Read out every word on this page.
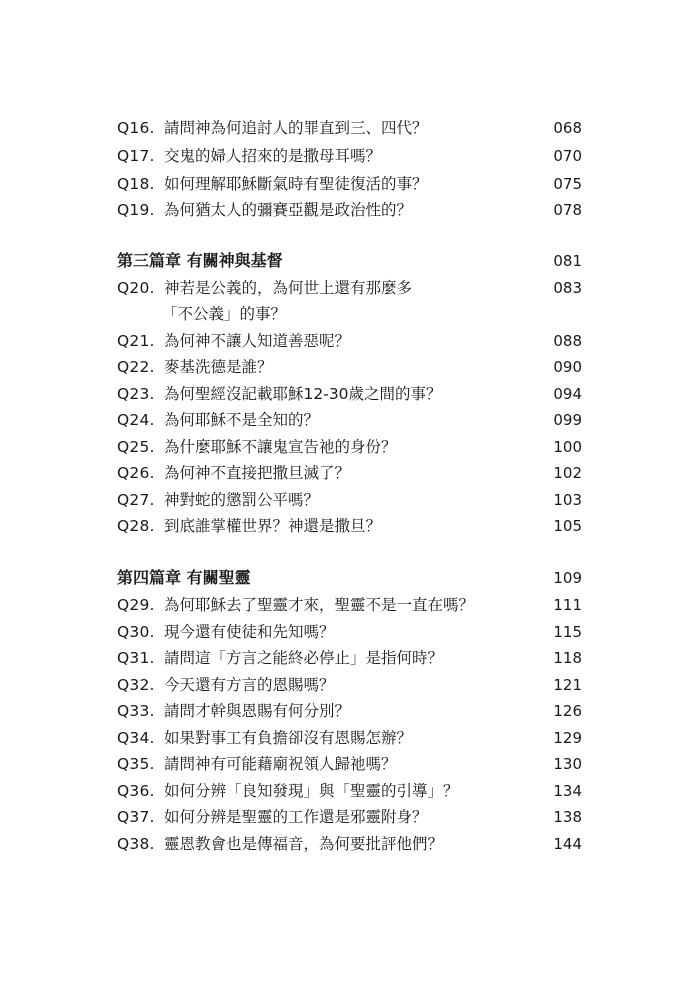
Q16. 請問神為何追討人的罪直到三、四代？	068
Q17. 交鬼的婦人招來的是撒母耳嗎？	070
Q18. 如何理解耶穌斷氣時有聖徒復活的事？	075
Q19. 為何猶太人的彌賽亞觀是政治性的？	078
第三篇章 有關神與基督	081
Q20. 神若是公義的，為何世上還有那麼多
「不公義」的事？
083
Q21. 為何神不讓人知道善惡呢？	088
Q22. 麥基洗德是誰？	090
Q23. 為何聖經沒記載耶穌12-30歲之間的事？	094
Q24. 為何耶穌不是全知的？	099
Q25. 為什麼耶穌不讓鬼宣告祂的身份？	100
Q26. 為何神不直接把撒旦滅了？	102
Q27. 神對蛇的懲罰公平嗎？	103
Q28. 到底誰掌權世界？神還是撒旦？	105
第四篇章 有關聖靈	109
Q29. 為何耶穌去了聖靈才來，聖靈不是一直在嗎？	111
Q30. 現今還有使徒和先知嗎？	115
Q31. 請問這「方言之能終必停止」是指何時？	118
Q32. 今天還有方言的恩賜嗎？	121
Q33. 請問才幹與恩賜有何分別？	126
Q34. 如果對事工有負擔卻沒有恩賜怎辦？	129
Q35. 請問神有可能藉廟祝領人歸祂嗎？	130
Q36. 如何分辨「良知發現」與「聖靈的引導」？	134
Q37. 如何分辨是聖靈的工作還是邪靈附身？	138
Q38. 靈恩教會也是傳福音，為何要批評他們？	144
